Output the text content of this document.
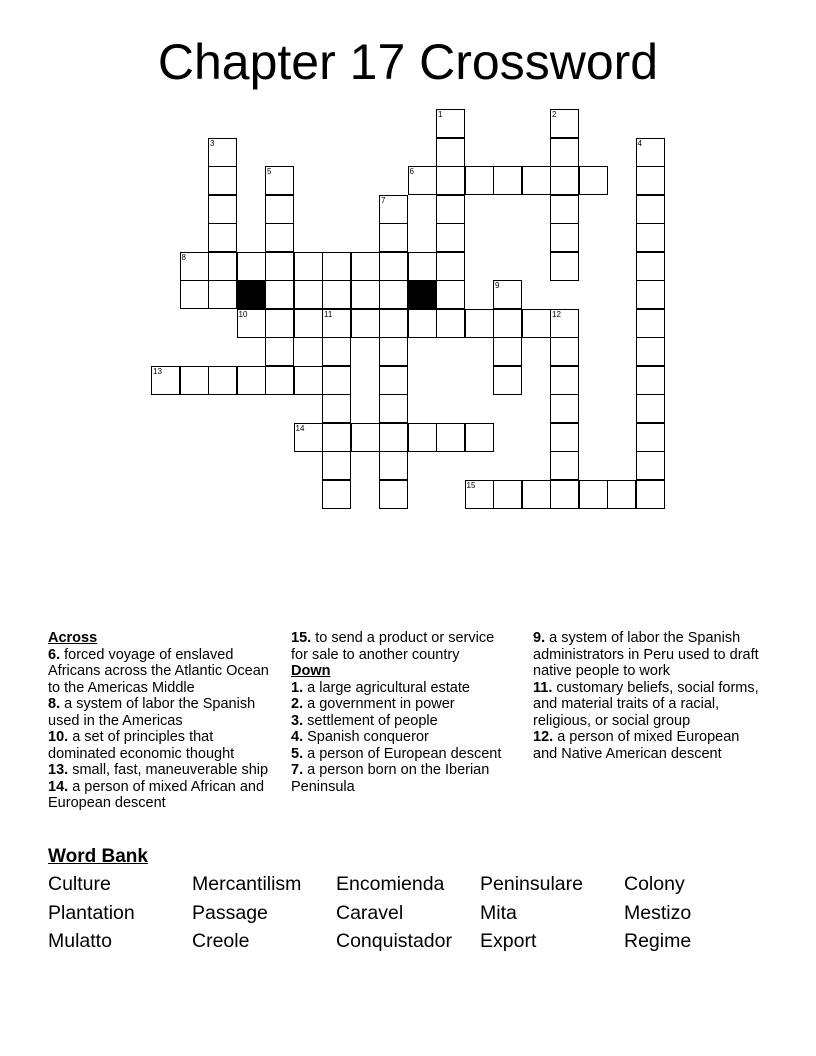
Chapter 17 Crossword
1	2
3	4
5	6
7
8
9
10	11	12
13
14
15
Across
6. forced voyage of enslaved Africans across the Atlantic Ocean to the Americas Middle
8. a system of labor the Spanish used in the Americas
10. a set of principles that dominated economic thought
13. small, fast, maneuverable ship
14. a person of mixed African and European descent
15. to send a product or service for sale to another country
Down
1. a large agricultural estate
2. a government in power
3. settlement of people
4. Spanish conqueror
5. a person of European descent
7. a person born on the Iberian Peninsula
9. a system of labor the Spanish administrators in Peru used to draft native people to work
11. customary beliefs, social forms, and material traits of a racial, religious, or social group
12. a person of mixed European and Native American descent
Word Bank
Culture	Mercantilism	Encomienda	Peninsulare	Colony
Plantation	Passage	Caravel	Mita	Mestizo
Mulatto	Creole	Conquistador	Export	Regime
